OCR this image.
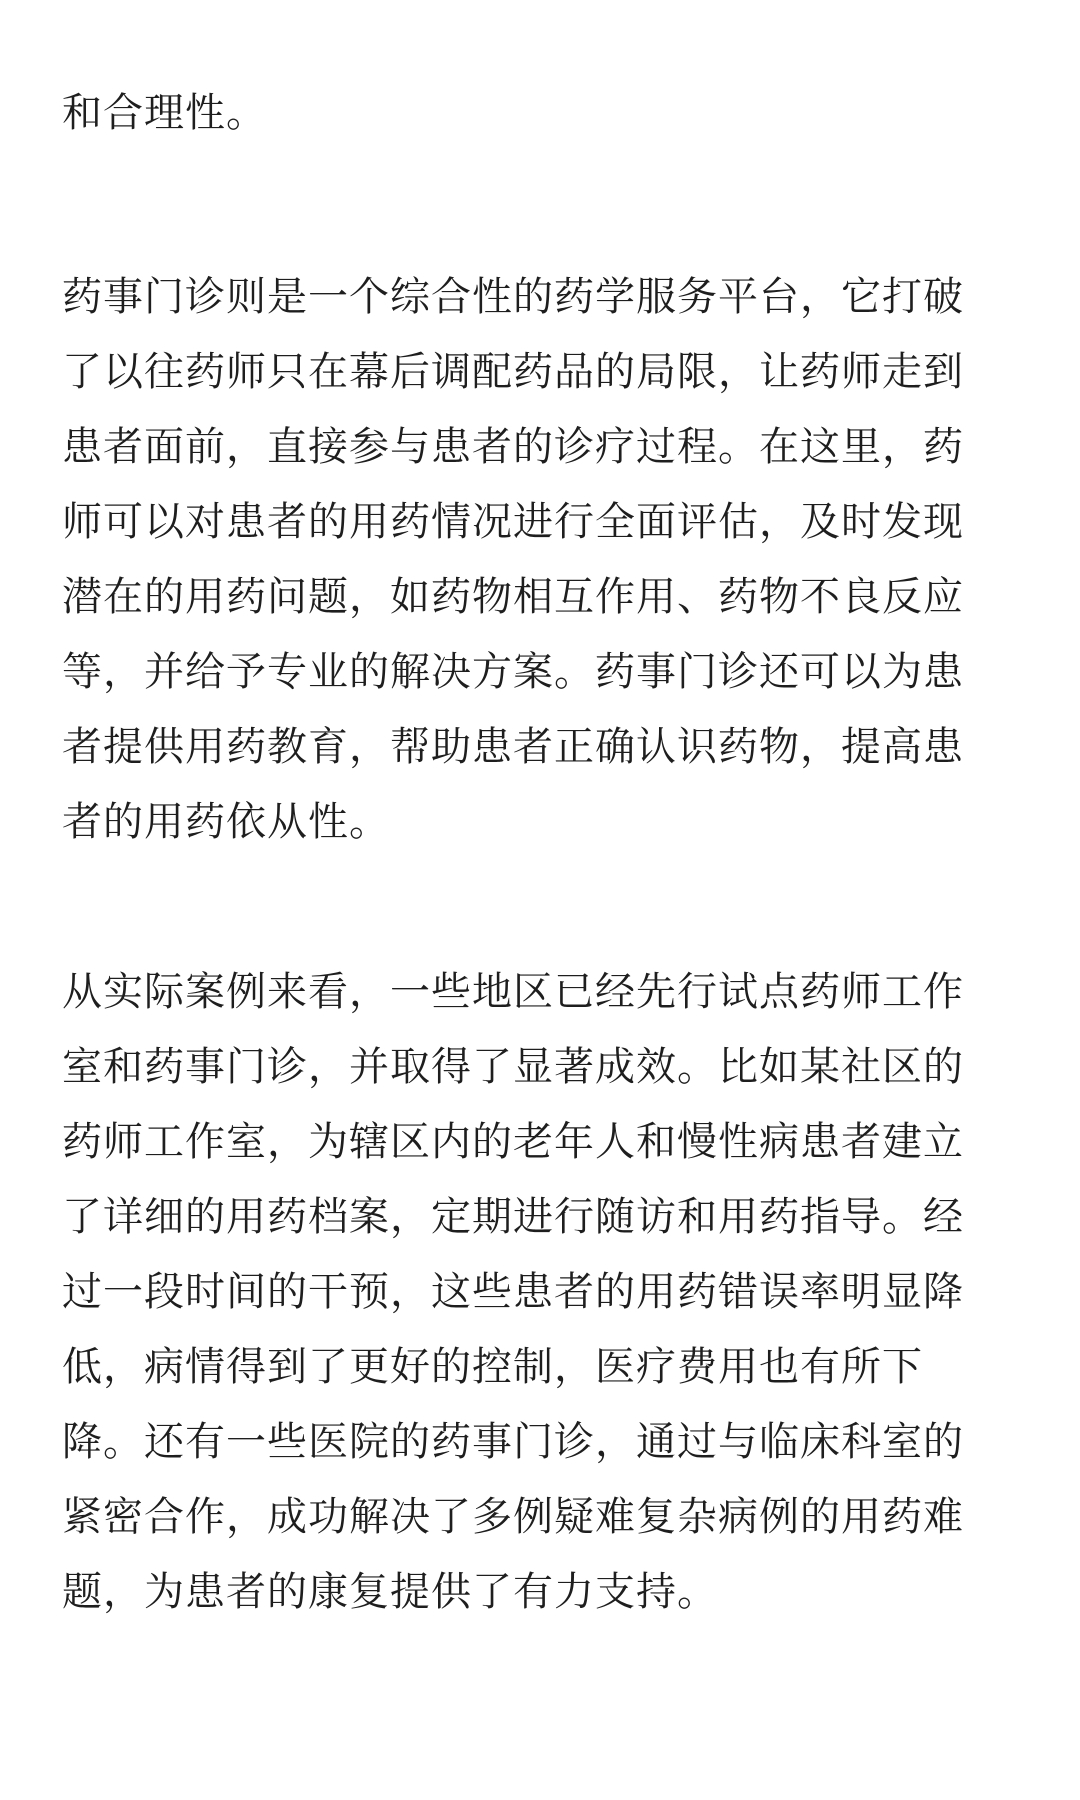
和合理性。
药事门诊则是一个综合性的药学服务平台，它打破
了以往药师只在幕后调配药品的局限，让药师走到
患者面前，直接参与患者的诊疗过程。在这里，药
师可以对患者的用药情况进行全面评估，及时发现
潜在的用药问题，如药物相互作用、药物不良反应
等，并给予专业的解决方案。药事门诊还可以为患
者提供用药教育，帮助患者正确认识药物，提高患
者的用药依从性。
从实际案例来看，一些地区已经先行试点药师工作
室和药事门诊，并取得了显著成效。比如某社区的
药师工作室，为辖区内的老年人和慢性病患者建立
了详细的用药档案，定期进行随访和用药指导。经
过一段时间的干预，这些患者的用药错误率明显降
低，病情得到了更好的控制，医疗费用也有所下
降。还有一些医院的药事门诊，通过与临床科室的
紧密合作，成功解决了多例疑难复杂病例的用药难
题，为患者的康复提供了有力支持。
